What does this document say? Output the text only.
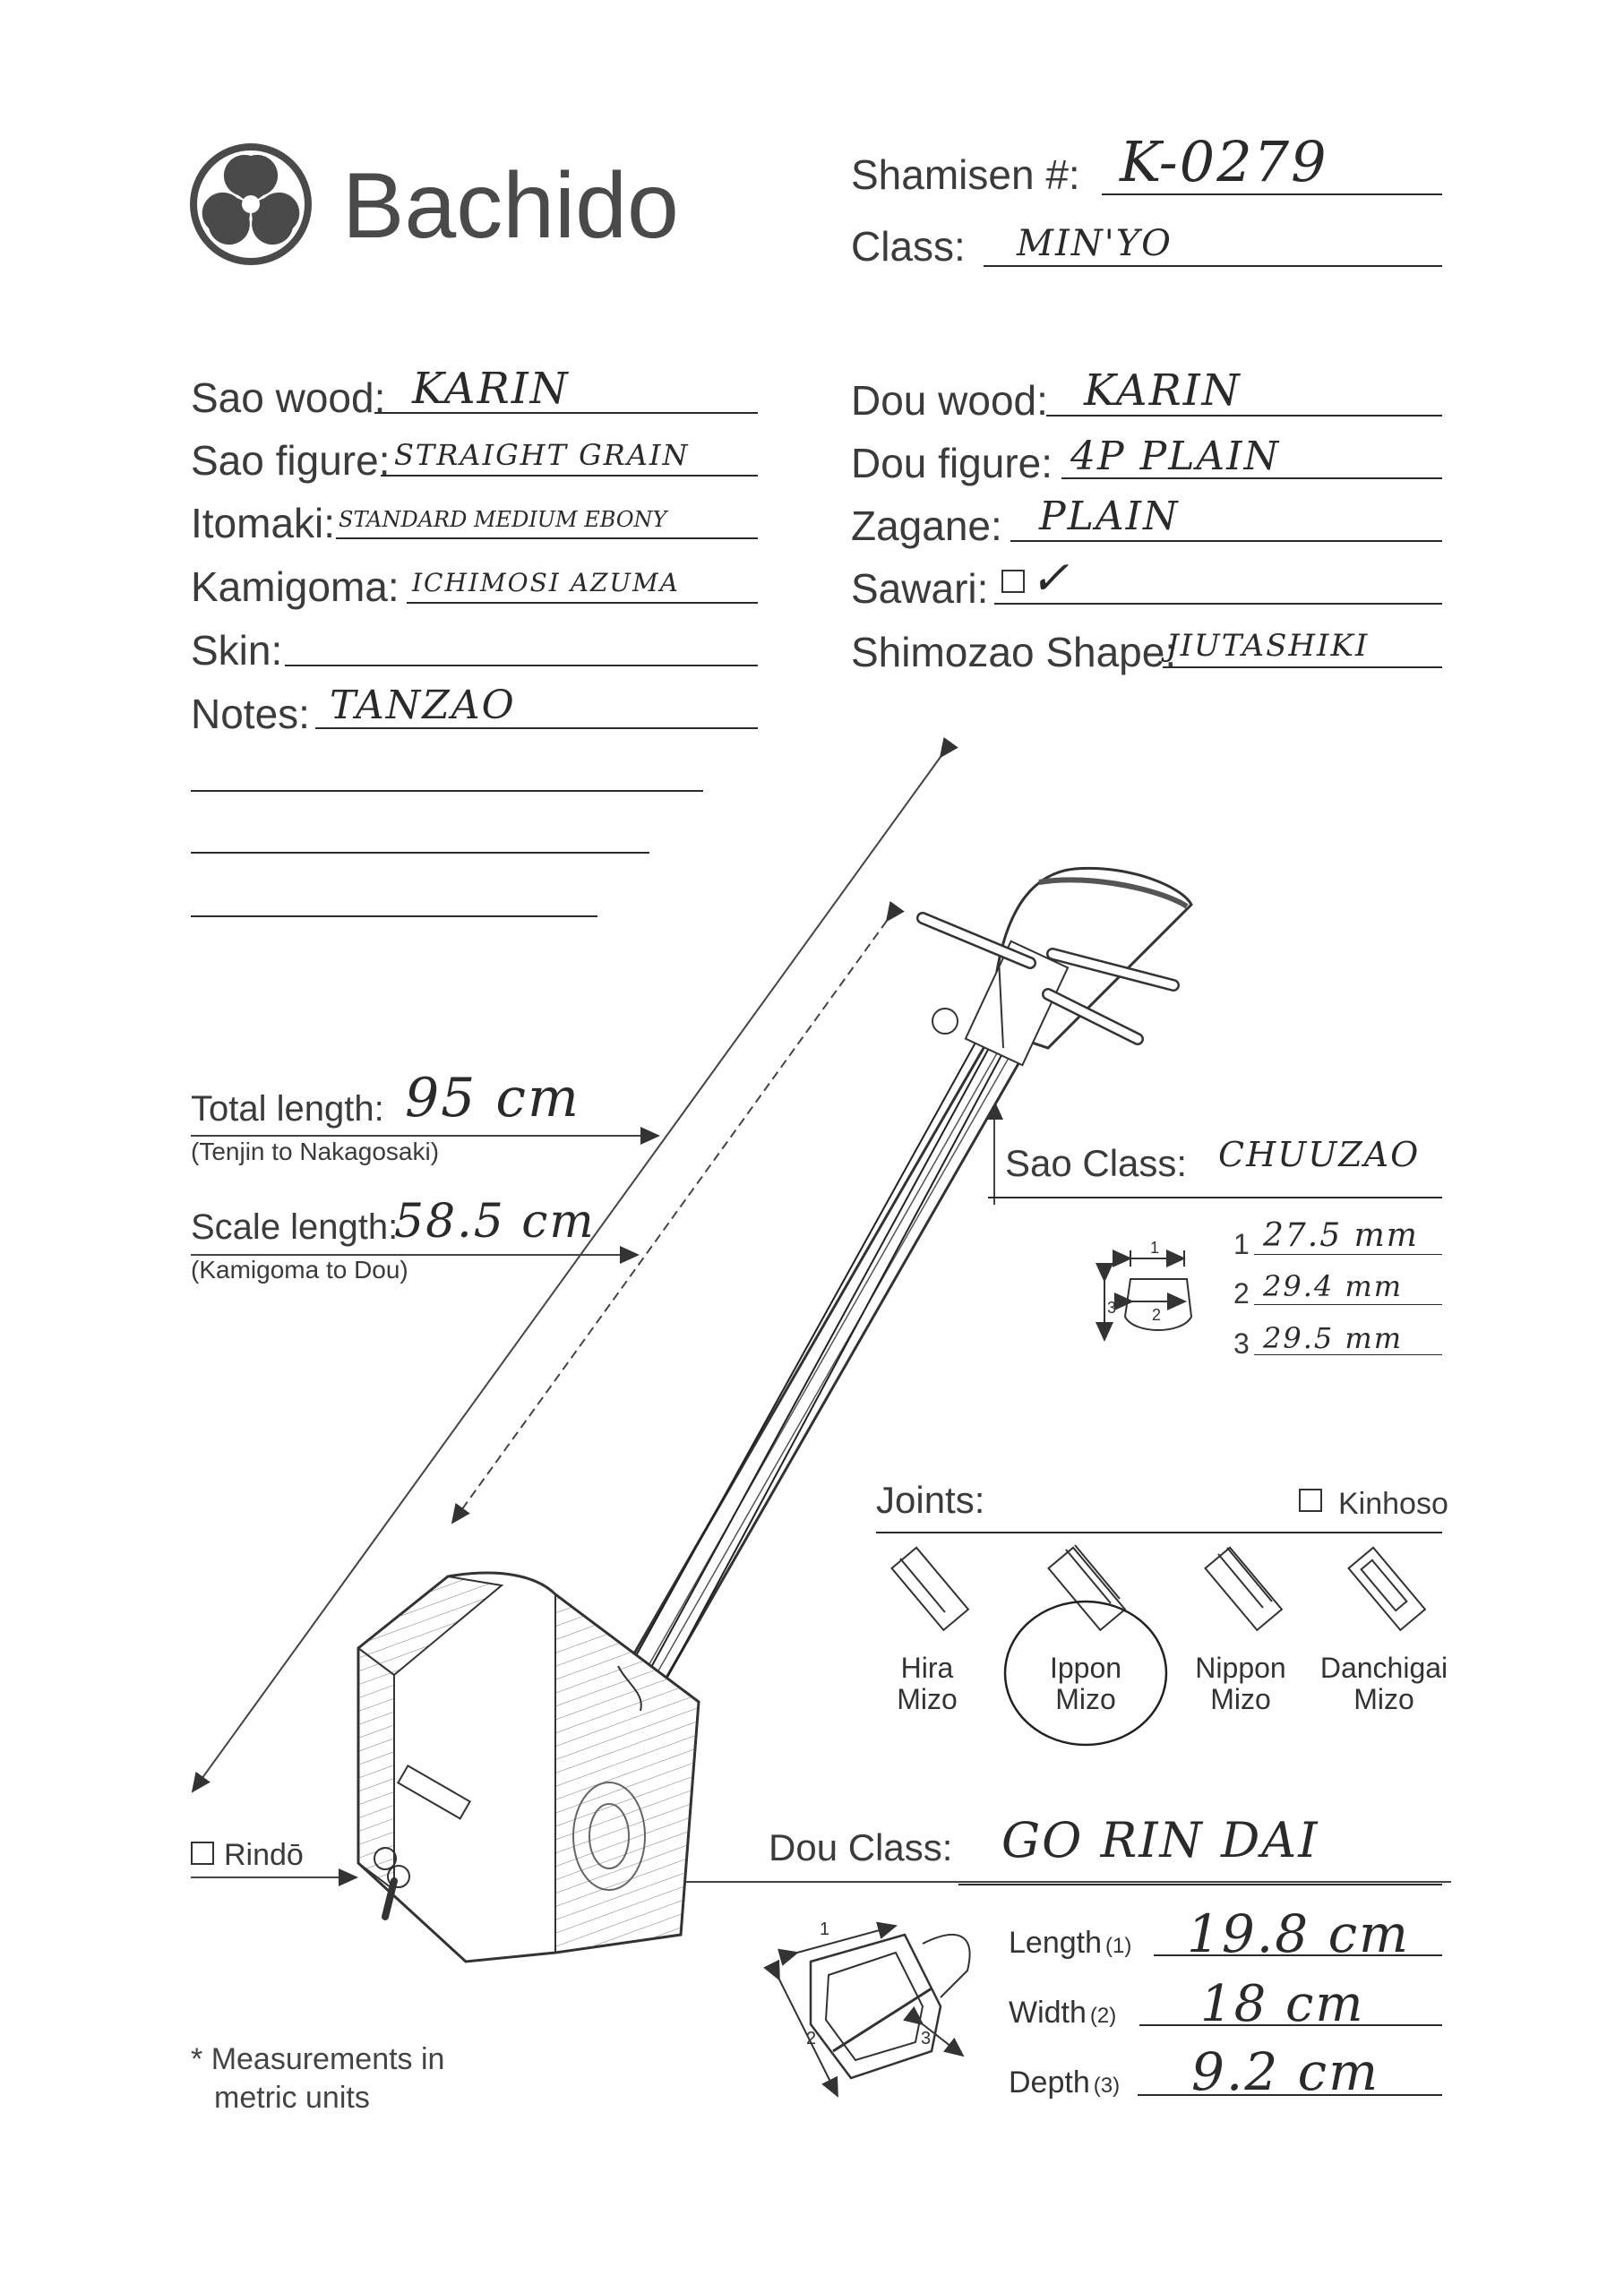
1
2	3
Bachido	Shamisen #: K-0279
Class: MIN'YO
Sao wood: KARIN
Sao figure: STRAIGHT GRAIN
Itomaki: STANDARD MEDIUM EBONY
Kamigoma: ICHIMOSI AZUMA
Skin:
Notes: TANZAO
Dou wood: KARIN
Dou figure: 4P PLAIN
Zagane: PLAIN
Sawari: ✓
Shimozao Shape:
JIUTASHIKI
Total length: 95 cm
(Tenjin to Nakagosaki)
Scale length:
58.5 cm
(Kamigoma to Dou)
Sao Class: CHUUZAO
1 27.5 mm
2 29.4 mm
3 29.5 mm
1
2
3
Joints:	Kinhoso
Hira
Mizo
Ippon
Mizo
Nippon
Mizo
Danchigai
Mizo
Rindō	Dou Class: GO RIN DAI
Length (1) 19.8 cm
Width (2) 18 cm
Depth (3) 9.2 cm
* Measurements in
metric units
